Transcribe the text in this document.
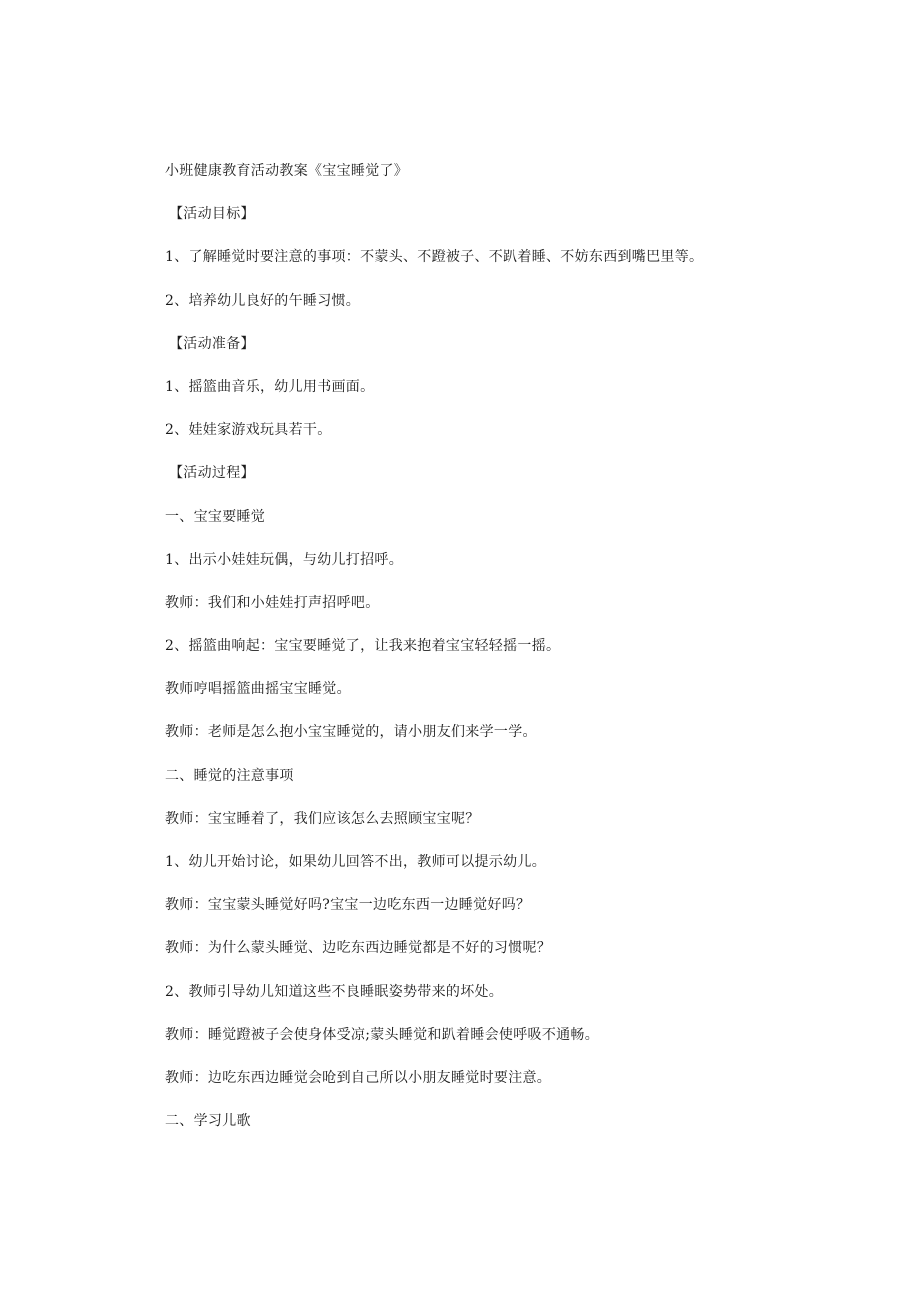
小班健康教育活动教案《宝宝睡觉了》
【活动目标】
1、了解睡觉时要注意的事项：不蒙头、不蹬被子、不趴着睡、不妨东西到嘴巴里等。
2、培养幼儿良好的午睡习惯。
【活动准备】
1、摇篮曲音乐，幼儿用书画面。
2、娃娃家游戏玩具若干。
【活动过程】
一、宝宝要睡觉
1、出示小娃娃玩偶，与幼儿打招呼。
教师：我们和小娃娃打声招呼吧。
2、摇篮曲响起：宝宝要睡觉了，让我来抱着宝宝轻轻摇一摇。
教师哼唱摇篮曲摇宝宝睡觉。
教师：老师是怎么抱小宝宝睡觉的，请小朋友们来学一学。
二、睡觉的注意事项
教师：宝宝睡着了，我们应该怎么去照顾宝宝呢？
1、幼儿开始讨论，如果幼儿回答不出，教师可以提示幼儿。
教师：宝宝蒙头睡觉好吗?宝宝一边吃东西一边睡觉好吗？
教师：为什么蒙头睡觉、边吃东西边睡觉都是不好的习惯呢？
2、教师引导幼儿知道这些不良睡眠姿势带来的坏处。
教师：睡觉蹬被子会使身体受凉;蒙头睡觉和趴着睡会使呼吸不通畅。
教师：边吃东西边睡觉会呛到自己所以小朋友睡觉时要注意。
二、学习儿歌
